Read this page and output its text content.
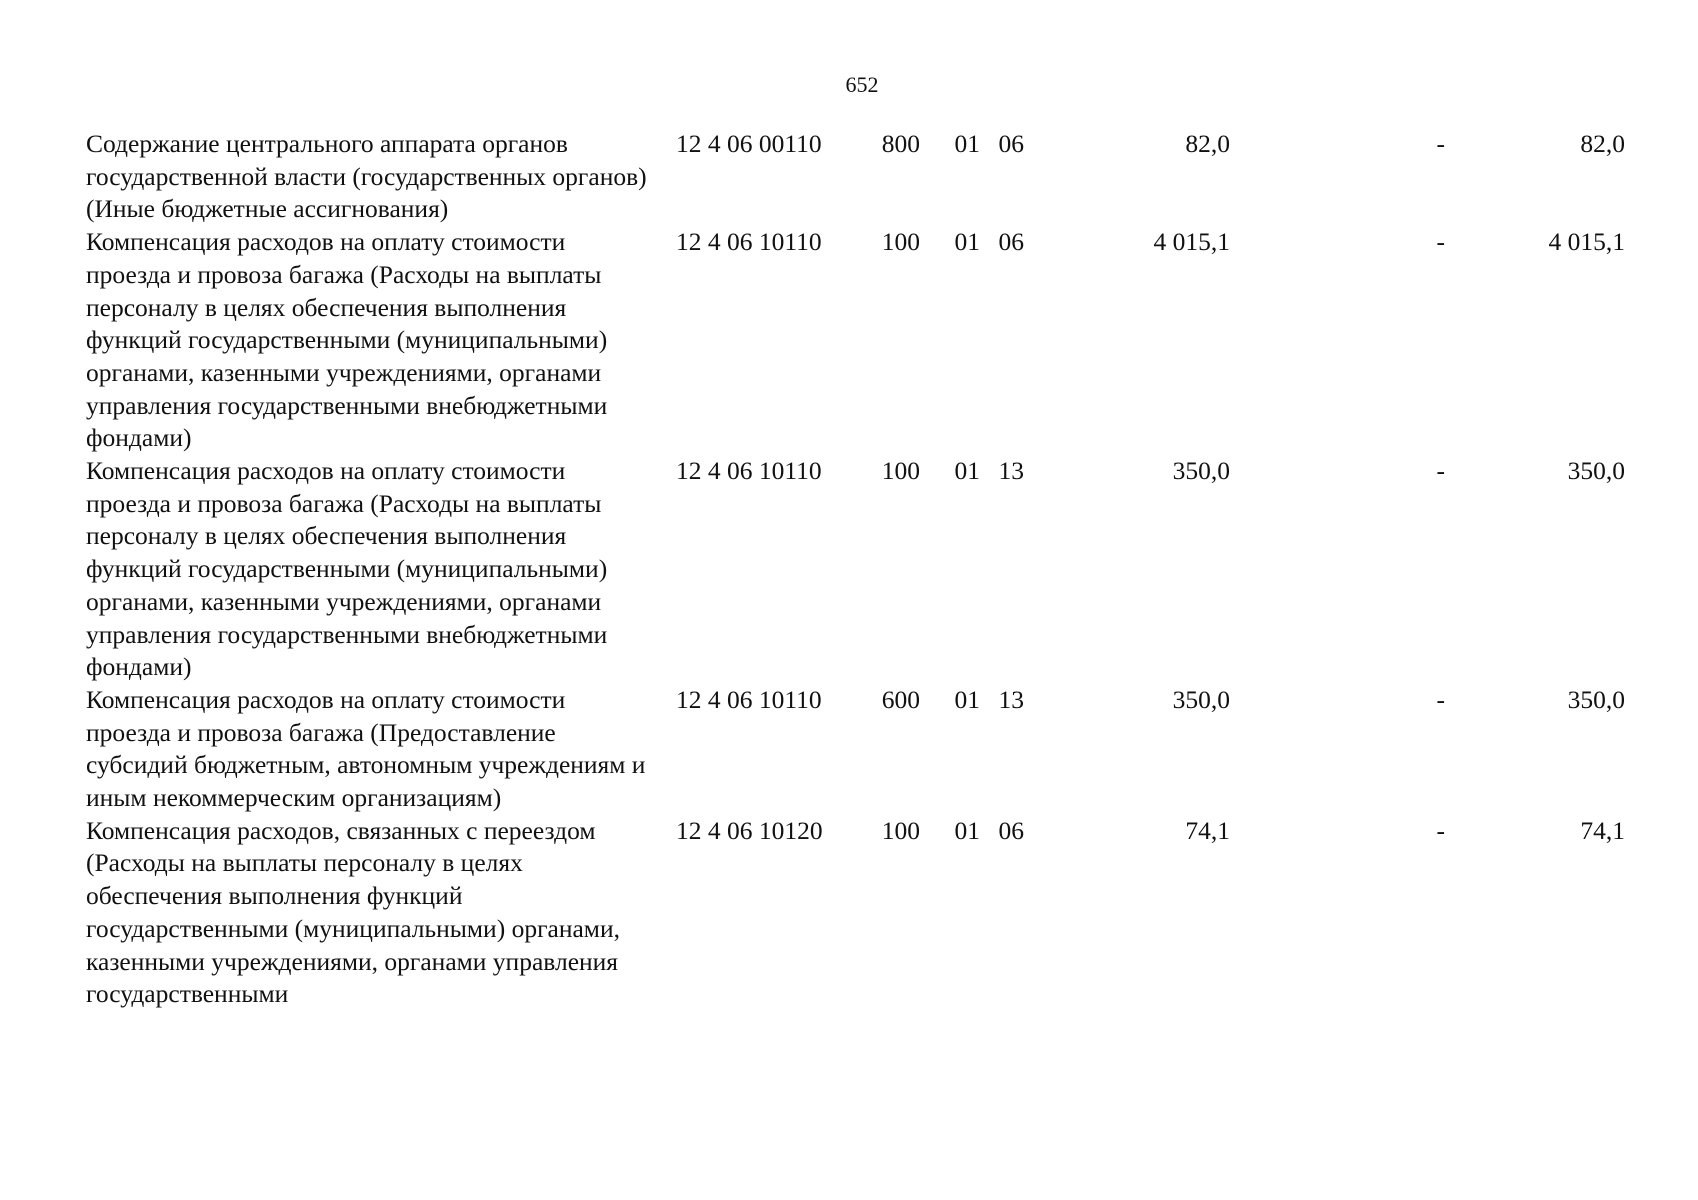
652
Содержание центрального аппарата органов государственной власти (государственных органов) (Иные бюджетные ассигнования)	12 4 06 00110	800	01	06	82,0	-	82,0
Компенсация расходов на оплату стоимости проезда и провоза багажа (Расходы на выплаты персоналу в целях обеспечения выполнения функций государственными (муниципальными) органами, казенными учреждениями, органами управления государственными внебюджетными фондами)	12 4 06 10110	100	01	06	4 015,1	-	4 015,1
Компенсация расходов на оплату стоимости проезда и провоза багажа (Расходы на выплаты персоналу в целях обеспечения выполнения функций государственными (муниципальными) органами, казенными учреждениями, органами управления государственными внебюджетными фондами)	12 4 06 10110	100	01	13	350,0	-	350,0
Компенсация расходов на оплату стоимости проезда и провоза багажа (Предоставление субсидий бюджетным, автономным учреждениям и иным некоммерческим организациям)	12 4 06 10110	600	01	13	350,0	-	350,0
Компенсация расходов, связанных с переездом (Расходы на выплаты персоналу в целях обеспечения выполнения функций государственными (муниципальными) органами, казенными учреждениями, органами управления государственными	12 4 06 10120	100	01	06	74,1	-	74,1
